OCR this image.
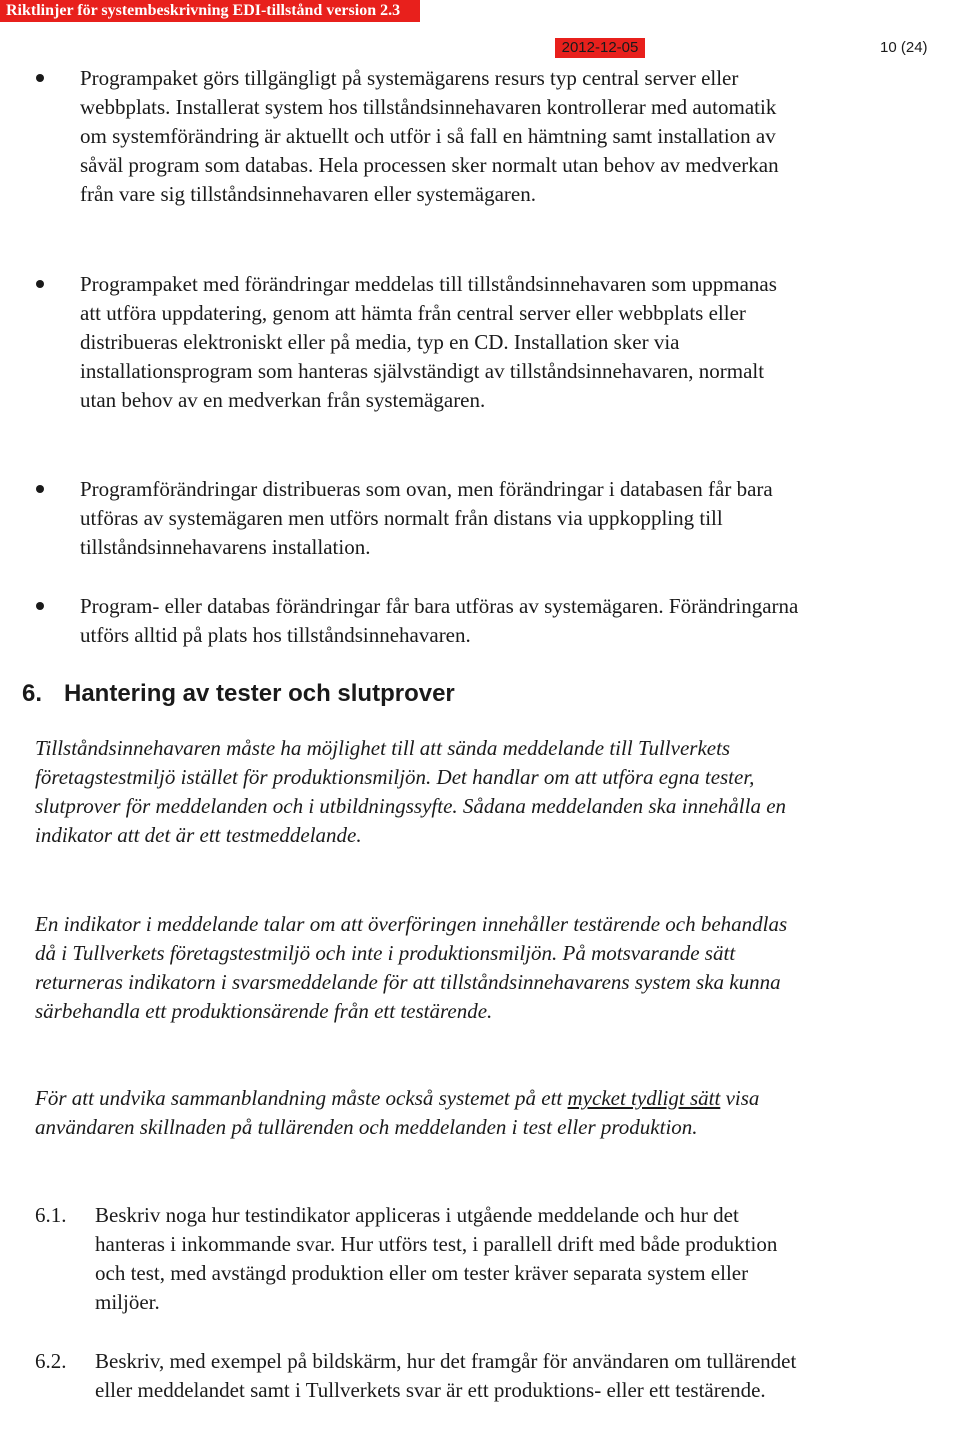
Riktlinjer för systembeskrivning EDI-tillstånd version 2.3
2012-12-05	10 (24)

Programpaket görs tillgängligt på systemägarens resurs typ central server eller webbplats. Installerat system hos tillståndsinnehavaren kontrollerar med automatik om systemförändring är aktuellt och utför i så fall en hämtning samt installation av såväl program som databas. Hela processen sker normalt utan behov av medverkan från vare sig tillståndsinnehavaren eller systemägaren.

Programpaket med förändringar meddelas till tillståndsinnehavaren som uppmanas att utföra uppdatering, genom att hämta från central server eller webbplats eller distribueras elektroniskt eller på media, typ en CD. Installation sker via installationsprogram som hanteras självständigt av tillståndsinnehavaren, normalt utan behov av en medverkan från systemägaren.

Programförändringar distribueras som ovan, men förändringar i databasen får bara utföras av systemägaren men utförs normalt från distans via uppkoppling till tillståndsinnehavarens installation.

Program- eller databas förändringar får bara utföras av systemägaren. Förändringarna utförs alltid på plats hos tillståndsinnehavaren.

6. Hantering av tester och slutprover

Tillståndsinnehavaren måste ha möjlighet till att sända meddelande till Tullverkets företagstestmiljö istället för produktionsmiljön. Det handlar om att utföra egna tester, slutprover för meddelanden och i utbildningssyfte. Sådana meddelanden ska innehålla en indikator att det är ett testmeddelande.

En indikator i meddelande talar om att överföringen innehåller testärende och behandlas då i Tullverkets företagstestmiljö och inte i produktionsmiljön. På motsvarande sätt returneras indikatorn i svarsmeddelande för att tillståndsinnehavarens system ska kunna särbehandla ett produktionsärende från ett testärende.

För att undvika sammanblandning måste också systemet på ett mycket tydligt sätt visa användaren skillnaden på tullärenden och meddelanden i test eller produktion.

6.1.	Beskriv noga hur testindikator appliceras i utgående meddelande och hur det hanteras i inkommande svar. Hur utförs test, i parallell drift med både produktion och test, med avstängd produktion eller om tester kräver separata system eller miljöer.
6.2.	Beskriv, med exempel på bildskärm, hur det framgår för användaren om tullärendet eller meddelandet samt i Tullverkets svar är ett produktions- eller ett testärende.
